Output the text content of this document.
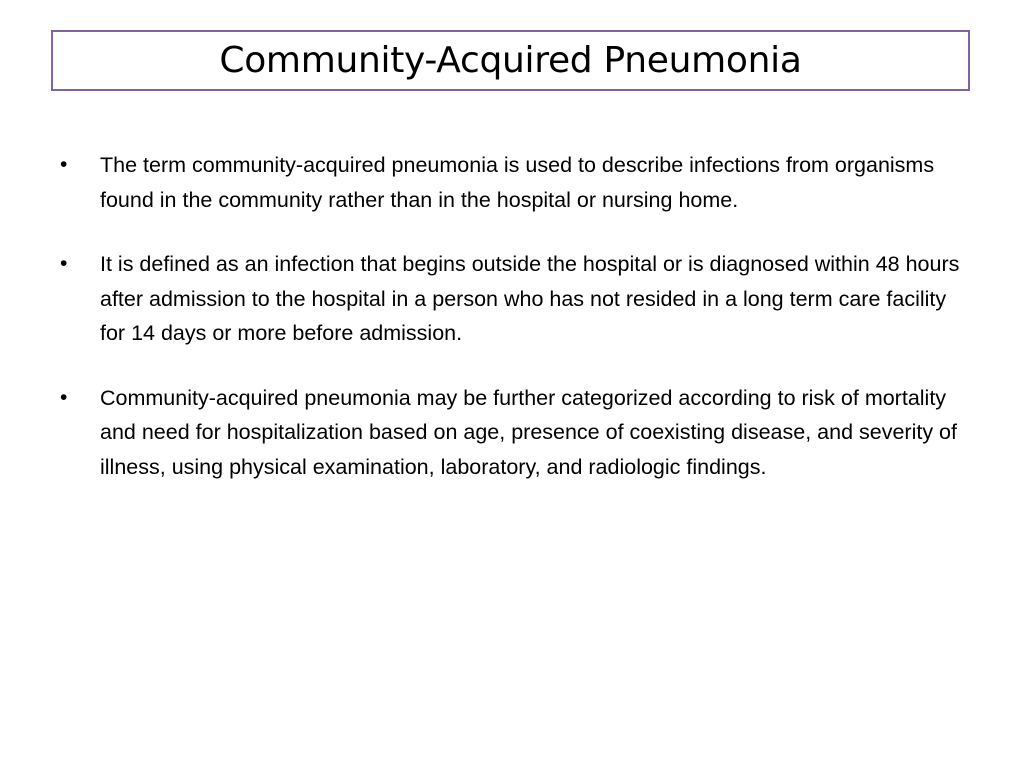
Community-Acquired Pneumonia
•	The term community-acquired pneumonia is used to describe infections from organisms found in the community rather than in the hospital or nursing home.
•	It is defined as an infection that begins outside the hospital or is diagnosed within 48 hours after admission to the hospital in a person who has not resided in a long term care facility for 14 days or more before admission.
•	Community-acquired pneumonia may be further categorized according to risk of mortality and need for hospitalization based on age, presence of coexisting disease, and severity of illness, using physical examination, laboratory, and radiologic findings.
